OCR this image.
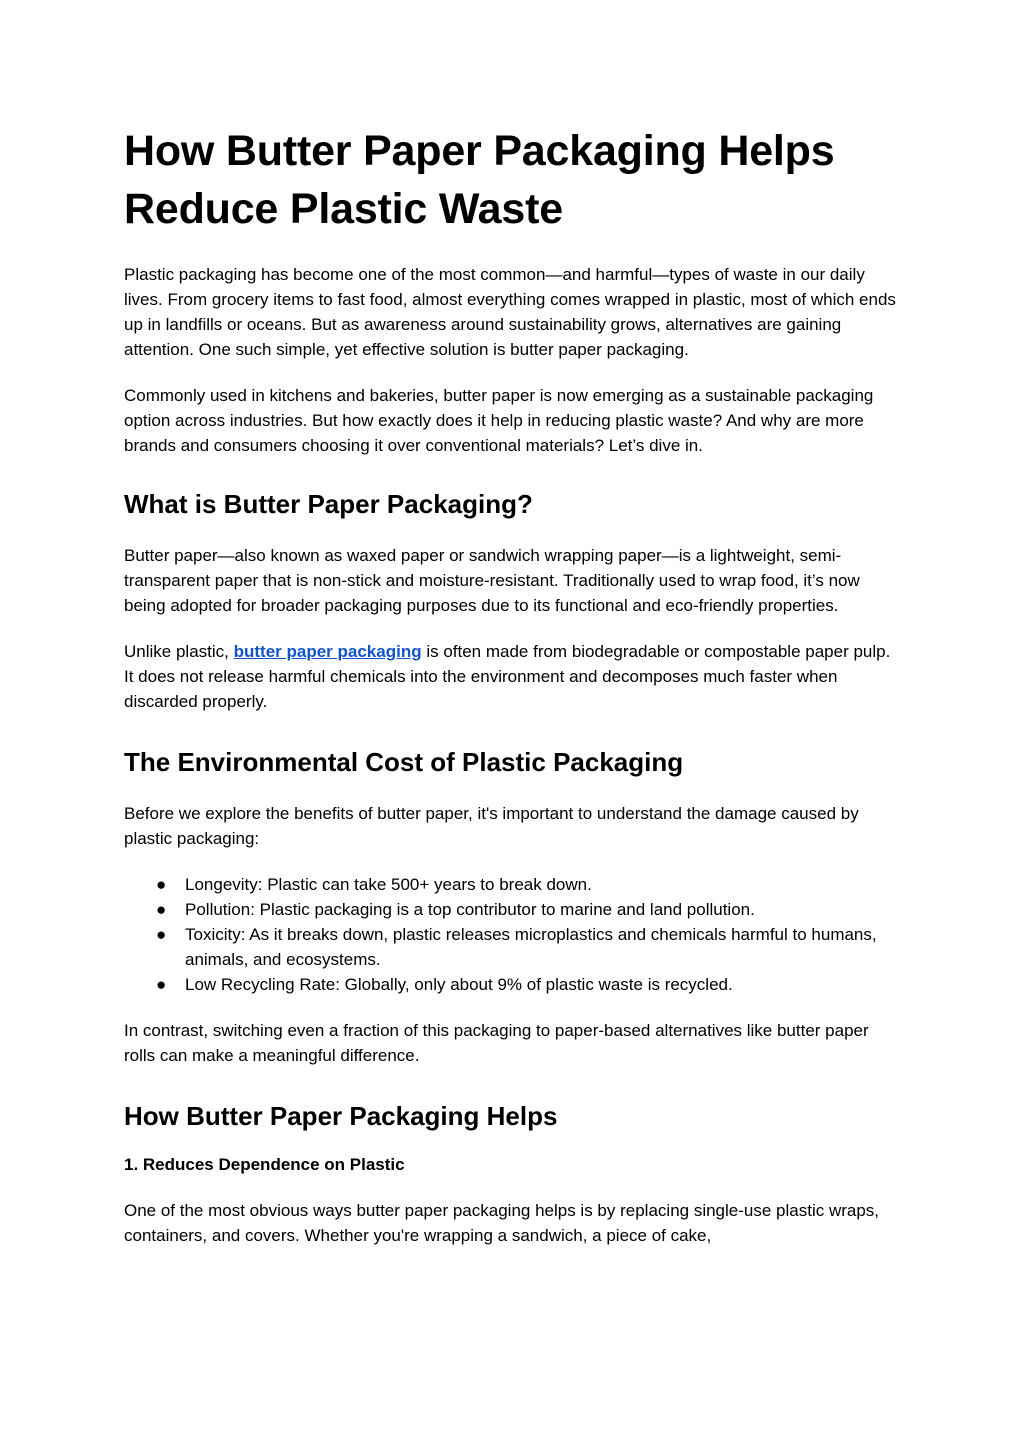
How Butter Paper Packaging Helps Reduce Plastic Waste

Plastic packaging has become one of the most common—and harmful—types of waste in our daily lives. From grocery items to fast food, almost everything comes wrapped in plastic, most of which ends up in landfills or oceans. But as awareness around sustainability grows, alternatives are gaining attention. One such simple, yet effective solution is butter paper packaging.

Commonly used in kitchens and bakeries, butter paper is now emerging as a sustainable packaging option across industries. But how exactly does it help in reducing plastic waste? And why are more brands and consumers choosing it over conventional materials? Let’s dive in.

What is Butter Paper Packaging?

Butter paper—also known as waxed paper or sandwich wrapping paper—is a lightweight, semi-transparent paper that is non-stick and moisture-resistant. Traditionally used to wrap food, it’s now being adopted for broader packaging purposes due to its functional and eco-friendly properties.

Unlike plastic, butter paper packaging is often made from biodegradable or compostable paper pulp. It does not release harmful chemicals into the environment and decomposes much faster when discarded properly.

The Environmental Cost of Plastic Packaging

Before we explore the benefits of butter paper, it's important to understand the damage caused by plastic packaging:

● Longevity: Plastic can take 500+ years to break down.
● Pollution: Plastic packaging is a top contributor to marine and land pollution.
● Toxicity: As it breaks down, plastic releases microplastics and chemicals harmful to humans, animals, and ecosystems.
● Low Recycling Rate: Globally, only about 9% of plastic waste is recycled.

In contrast, switching even a fraction of this packaging to paper-based alternatives like butter paper rolls can make a meaningful difference.

How Butter Paper Packaging Helps
1. Reduces Dependence on Plastic

One of the most obvious ways butter paper packaging helps is by replacing single-use plastic wraps, containers, and covers. Whether you're wrapping a sandwich, a piece of cake,
